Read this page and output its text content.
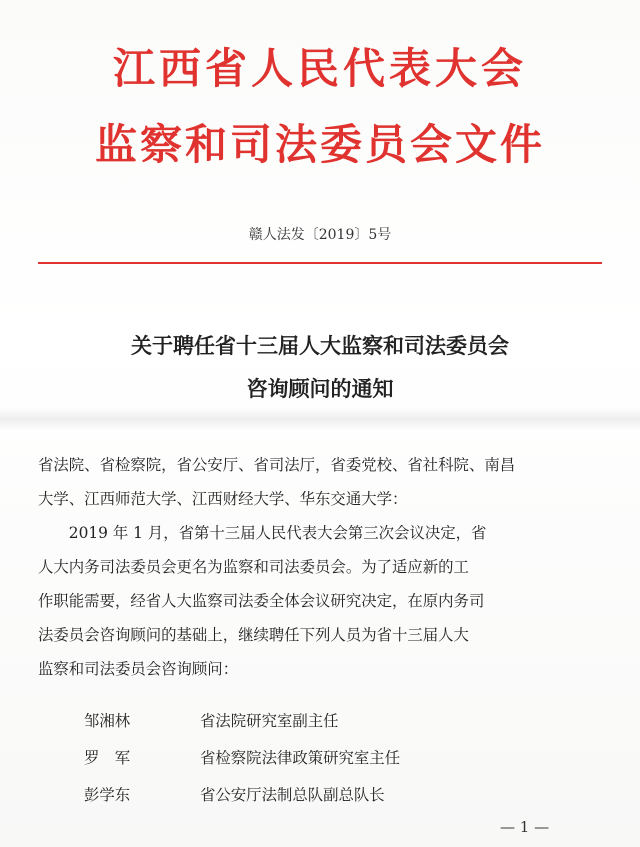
江西省人民代表大会
监察和司法委员会文件
赣人法发〔2019〕5号
关于聘任省十三届人大监察和司法委员会
咨询顾问的通知
省法院、省检察院，省公安厅、省司法厅，省委党校、省社科院、南昌
大学、江西师范大学、江西财经大学、华东交通大学：
　　2019 年 1 月，省第十三届人民代表大会第三次会议决定，省
人大内务司法委员会更名为监察和司法委员会。为了适应新的工
作职能需要，经省人大监察司法委全体会议研究决定，在原内务司
法委员会咨询顾问的基础上，继续聘任下列人员为省十三届人大
监察和司法委员会咨询顾问：
邹湘林	省法院研究室副主任
罗　军	省检察院法律政策研究室主任
彭学东	省公安厅法制总队副总队长
— 1 —
